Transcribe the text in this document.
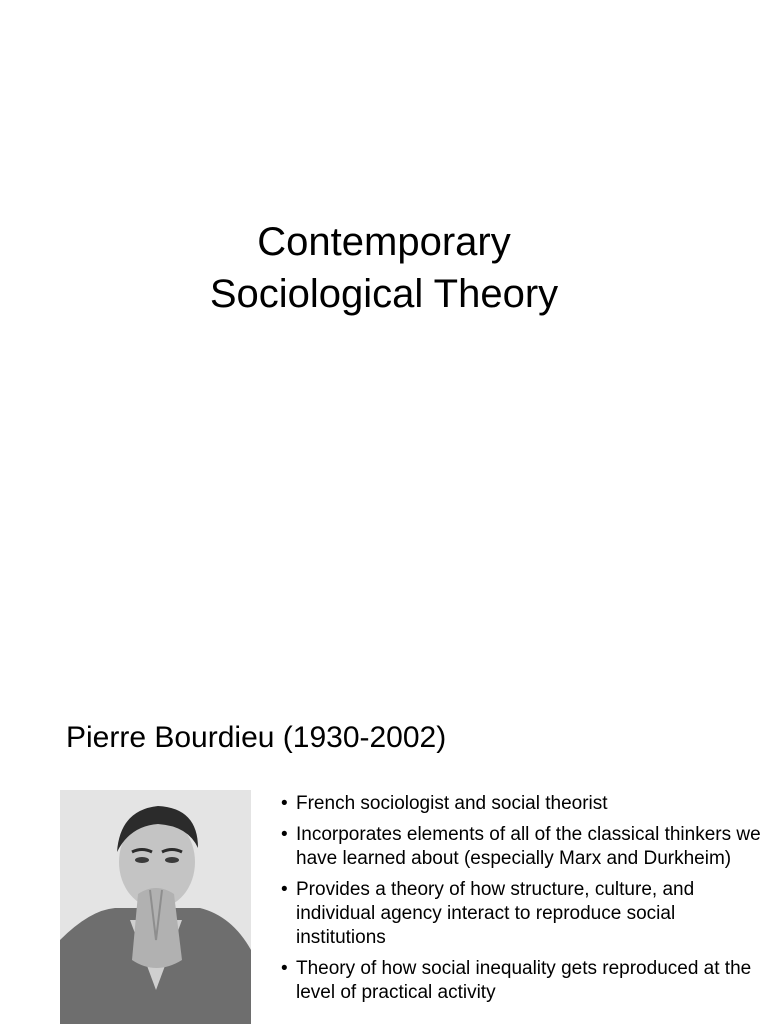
Contemporary
Sociological Theory
Pierre Bourdieu (1930-2002)
• French sociologist and social theorist
• Incorporates elements of all of the classical thinkers we have learned about (especially Marx and Durkheim)
• Provides a theory of how structure, culture, and individual agency interact to reproduce social institutions
• Theory of how social inequality gets reproduced at the level of practical activity
